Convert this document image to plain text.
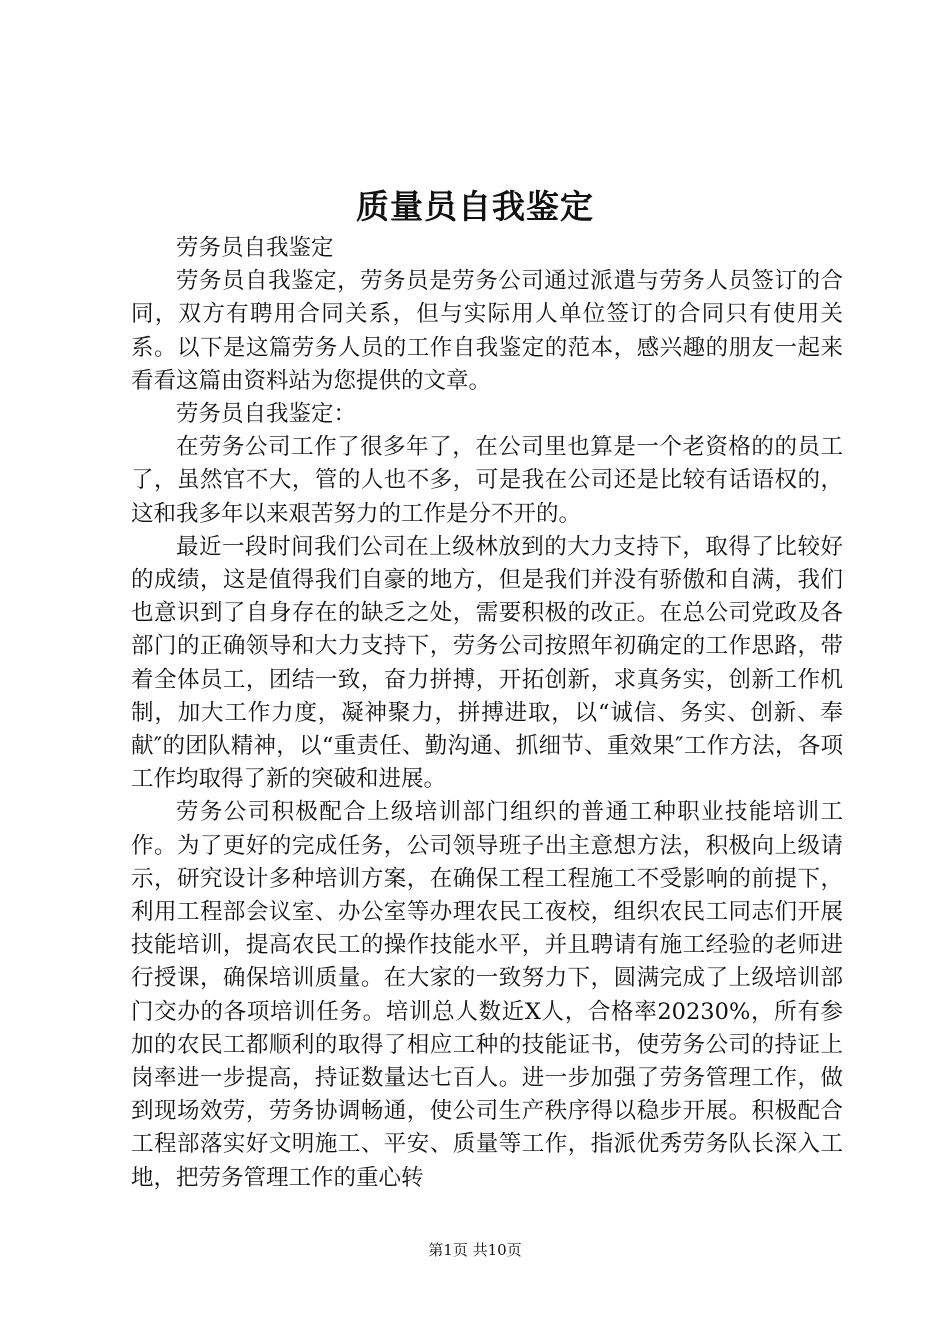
质量员自我鉴定

劳务员自我鉴定

劳务员自我鉴定，劳务员是劳务公司通过派遣与劳务人员签订的合同，双方有聘用合同关系，但与实际用人单位签订的合同只有使用关系。以下是这篇劳务人员的工作自我鉴定的范本，感兴趣的朋友一起来看看这篇由资料站为您提供的文章。

劳务员自我鉴定：

在劳务公司工作了很多年了，在公司里也算是一个老资格的的员工了，虽然官不大，管的人也不多，可是我在公司还是比较有话语权的，这和我多年以来艰苦努力的工作是分不开的。

最近一段时间我们公司在上级林放到的大力支持下，取得了比较好的成绩，这是值得我们自豪的地方，但是我们并没有骄傲和自满，我们也意识到了自身存在的缺乏之处，需要积极的改正。在总公司党政及各部门的正确领导和大力支持下，劳务公司按照年初确定的工作思路，带着全体员工，团结一致，奋力拼搏，开拓创新，求真务实，创新工作机制，加大工作力度，凝神聚力，拼搏进取，以“诚信、务实、创新、奉献″的团队精神，以“重责任、勤沟通、抓细节、重效果″工作方法，各项工作均取得了新的突破和进展。

劳务公司积极配合上级培训部门组织的普通工种职业技能培训工作。为了更好的完成任务，公司领导班子出主意想方法，积极向上级请示，研究设计多种培训方案，在确保工程工程施工不受影响的前提下，利用工程部会议室、办公室等办理农民工夜校，组织农民工同志们开展技能培训，提高农民工的操作技能水平，并且聘请有施工经验的老师进行授课，确保培训质量。在大家的一致努力下，圆满完成了上级培训部门交办的各项培训任务。培训总人数近X人，合格率20230%，所有参加的农民工都顺利的取得了相应工种的技能证书，使劳务公司的持证上岗率进一步提高，持证数量达七百人。进一步加强了劳务管理工作，做到现场效劳，劳务协调畅通，使公司生产秩序得以稳步开展。积极配合工程部落实好文明施工、平安、质量等工作，指派优秀劳务队长深入工地，把劳务管理工作的重心转

第1页 共10页
